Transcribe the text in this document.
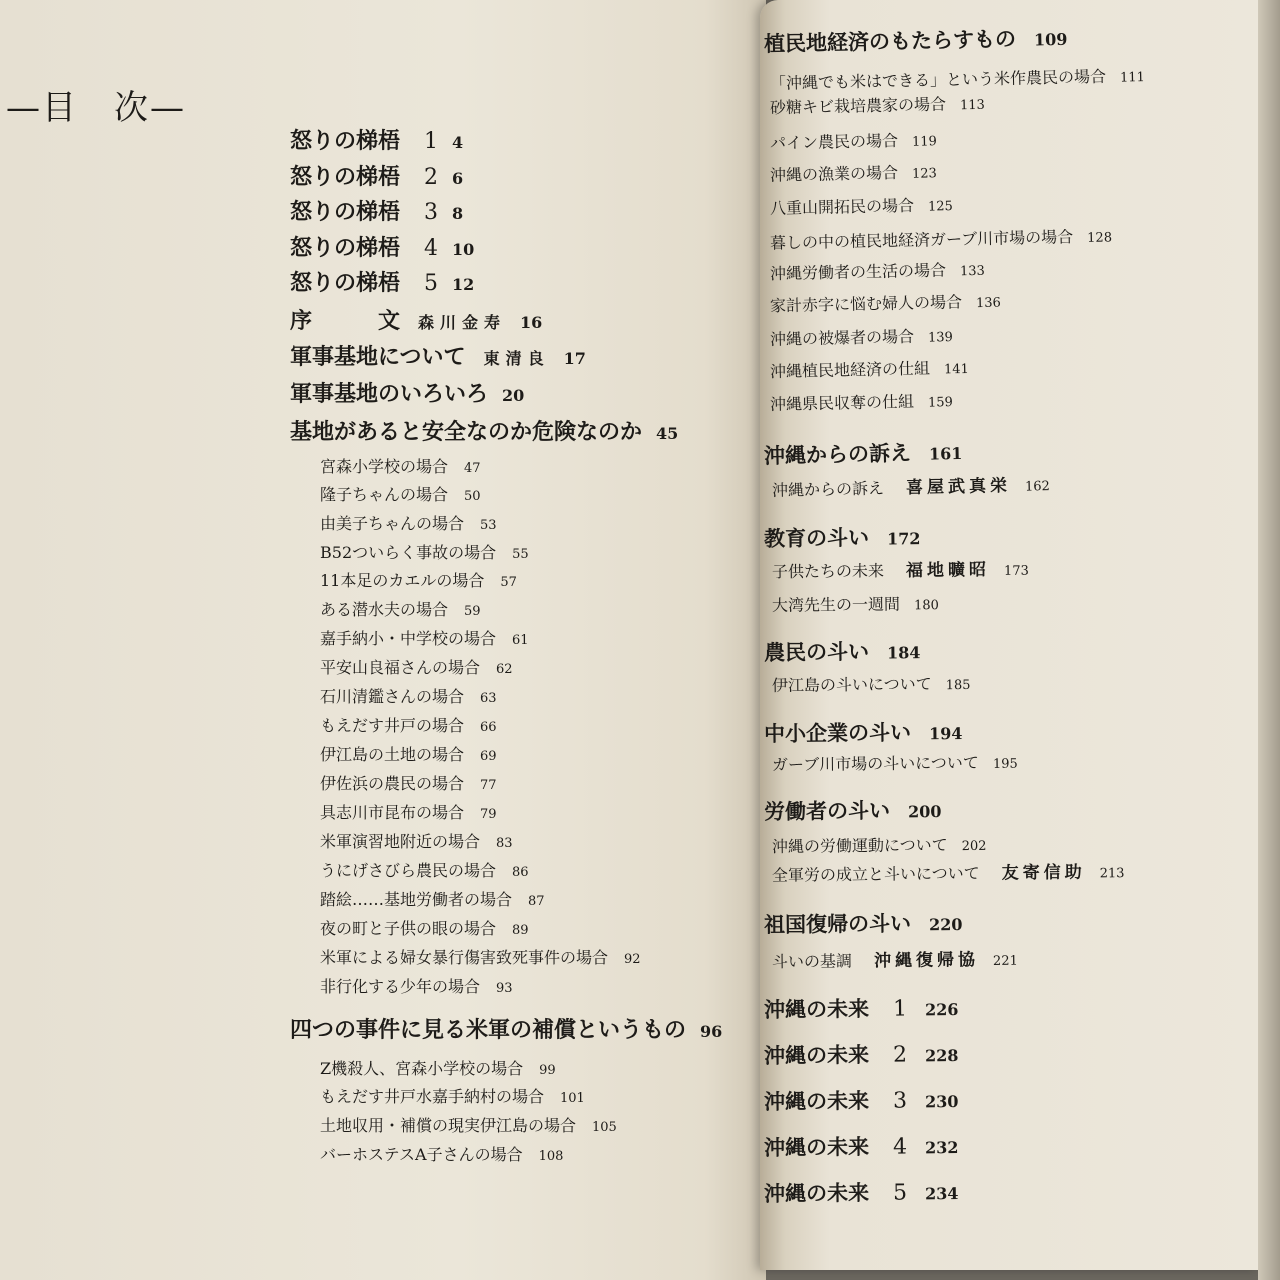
—目　次—
怒りの梯梧 1 4
怒りの梯梧 2 6
怒りの梯梧 3 8
怒りの梯梧 4 10
怒りの梯梧 5 12
序　　　文 森川金寿 16
軍事基地について 東清良 17
軍事基地のいろいろ 20
基地があると安全なのか危険なのか 45
宮森小学校の場合 47
隆子ちゃんの場合 50
由美子ちゃんの場合 53
B52ついらく事故の場合 55
11本足のカエルの場合 57
ある潜水夫の場合 59
嘉手納小・中学校の場合 61
平安山良福さんの場合 62
石川清鑑さんの場合 63
もえだす井戸の場合 66
伊江島の土地の場合 69
伊佐浜の農民の場合 77
具志川市昆布の場合 79
米軍演習地附近の場合 83
うにげさびら農民の場合 86
踏絵……基地労働者の場合 87
夜の町と子供の眼の場合 89
米軍による婦女暴行傷害致死事件の場合 92
非行化する少年の場合 93
四つの事件に見る米軍の補償というもの 96
Z機殺人、宮森小学校の場合 99
もえだす井戸水嘉手納村の場合 101
土地収用・補償の現実伊江島の場合 105
バーホステスA子さんの場合 108
植民地経済のもたらすもの 109
「沖縄でも米はできる」という米作農民の場合 111
砂糖キビ栽培農家の場合 113
パイン農民の場合 119
沖縄の漁業の場合 123
八重山開拓民の場合 125
暮しの中の植民地経済ガーブ川市場の場合 128
沖縄労働者の生活の場合 133
家計赤字に悩む婦人の場合 136
沖縄の被爆者の場合 139
沖縄植民地経済の仕組 141
沖縄県民収奪の仕組 159
沖縄からの訴え 161
沖縄からの訴え 喜屋武真栄 162
教育の斗い 172
子供たちの未来 福地曠昭 173
大湾先生の一週間 180
農民の斗い 184
伊江島の斗いについて 185
中小企業の斗い 194
ガーブ川市場の斗いについて 195
労働者の斗い 200
沖縄の労働運動について 202
全軍労の成立と斗いについて 友寄信助 213
祖国復帰の斗い 220
斗いの基調 沖縄復帰協 221
沖縄の未来 1 226
沖縄の未来 2 228
沖縄の未来 3 230
沖縄の未来 4 232
沖縄の未来 5 234
